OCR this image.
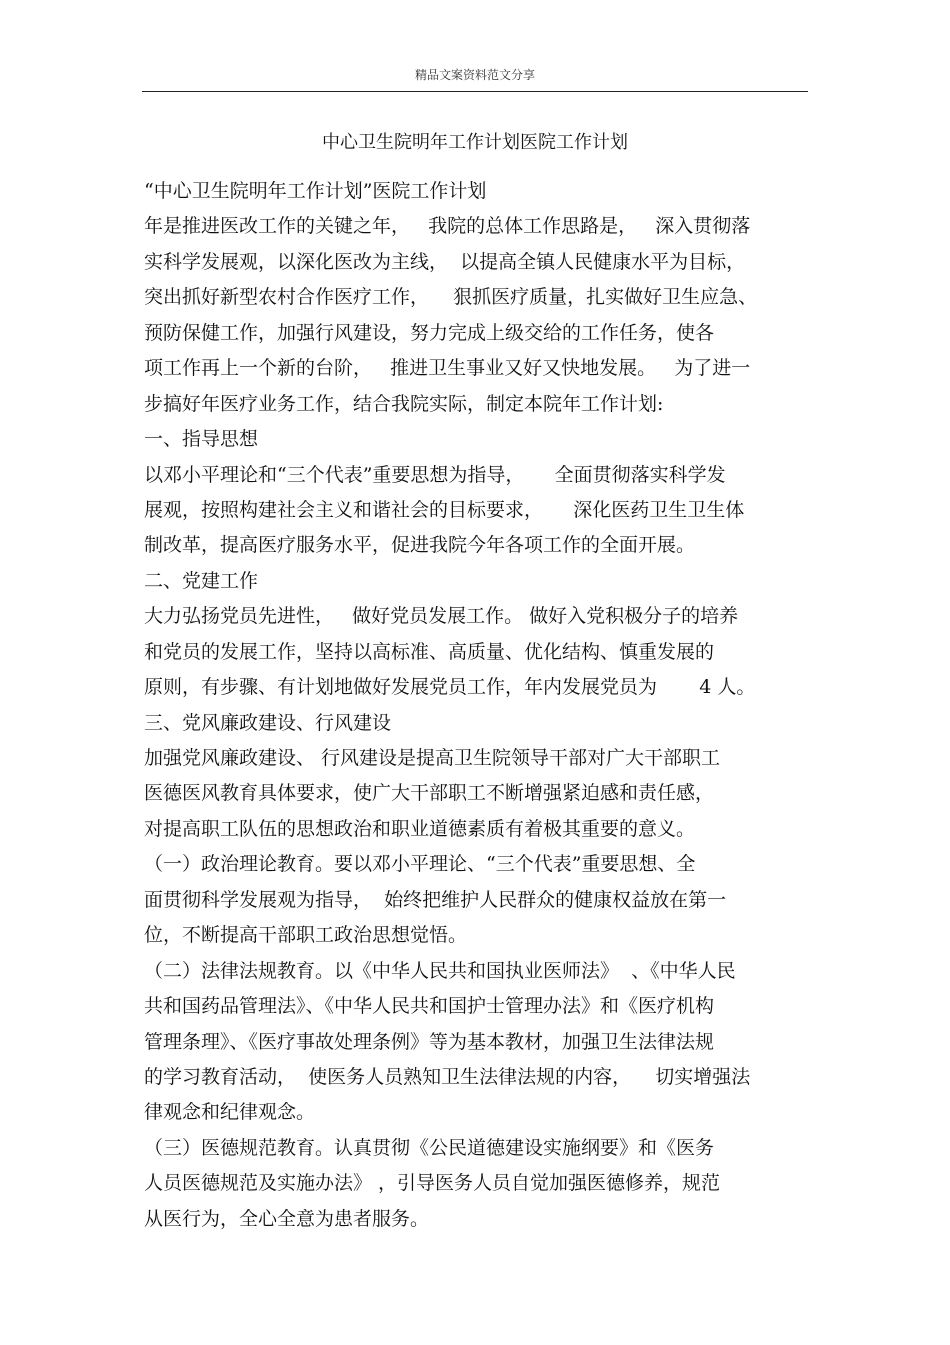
精品文案资料范文分享
中心卫生院明年工作计划医院工作计划
“中心卫生院明年工作计划”医院工作计划
年是推进医改工作的关键之年，   我院的总体工作思路是，   深入贯彻落
实科学发展观，以深化医改为主线，  以提高全镇人民健康水平为目标，
突出抓好新型农村合作医疗工作，    狠抓医疗质量，扎实做好卫生应急、
预防保健工作，加强行风建设，努力完成上级交给的工作任务，使各
项工作再上一个新的台阶，   推进卫生事业又好又快地发展。   为了进一
步搞好年医疗业务工作，结合我院实际，制定本院年工作计划:
一、指导思想
以邓小平理论和“三个代表”重要思想为指导，     全面贯彻落实科学发
展观，按照构建社会主义和谐社会的目标要求，     深化医药卫生卫生体
制改革，提高医疗服务水平，促进我院今年各项工作的全面开展。
二、党建工作
大力弘扬党员先进性，   做好党员发展工作。 做好入党积极分子的培养
和党员的发展工作，坚持以高标准、高质量、优化结构、慎重发展的
原则，有步骤、有计划地做好发展党员工作，年内发展党员为       4 人。
三、党风廉政建设、行风建设
加强党风廉政建设、 行风建设是提高卫生院领导干部对广大干部职工
医德医风教育具体要求，使广大干部职工不断增强紧迫感和责任感，
对提高职工队伍的思想政治和职业道德素质有着极其重要的意义。
（一）政治理论教育。要以邓小平理论、“三个代表”重要思想、全
面贯彻科学发展观为指导，  始终把维护人民群众的健康权益放在第一
位，不断提高干部职工政治思想觉悟。
（二）法律法规教育。以《中华人民共和国执业医师法》  、《中华人民
共和国药品管理法》、《中华人民共和国护士管理办法》和《医疗机构
管理条理》、《医疗事故处理条例》等为基本教材，加强卫生法律法规
的学习教育活动，  使医务人员熟知卫生法律法规的内容，    切实增强法
律观念和纪律观念。
（三）医德规范教育。认真贯彻《公民道德建设实施纲要》和《医务
人员医德规范及实施办法》 ，引导医务人员自觉加强医德修养，规范
从医行为，全心全意为患者服务。
